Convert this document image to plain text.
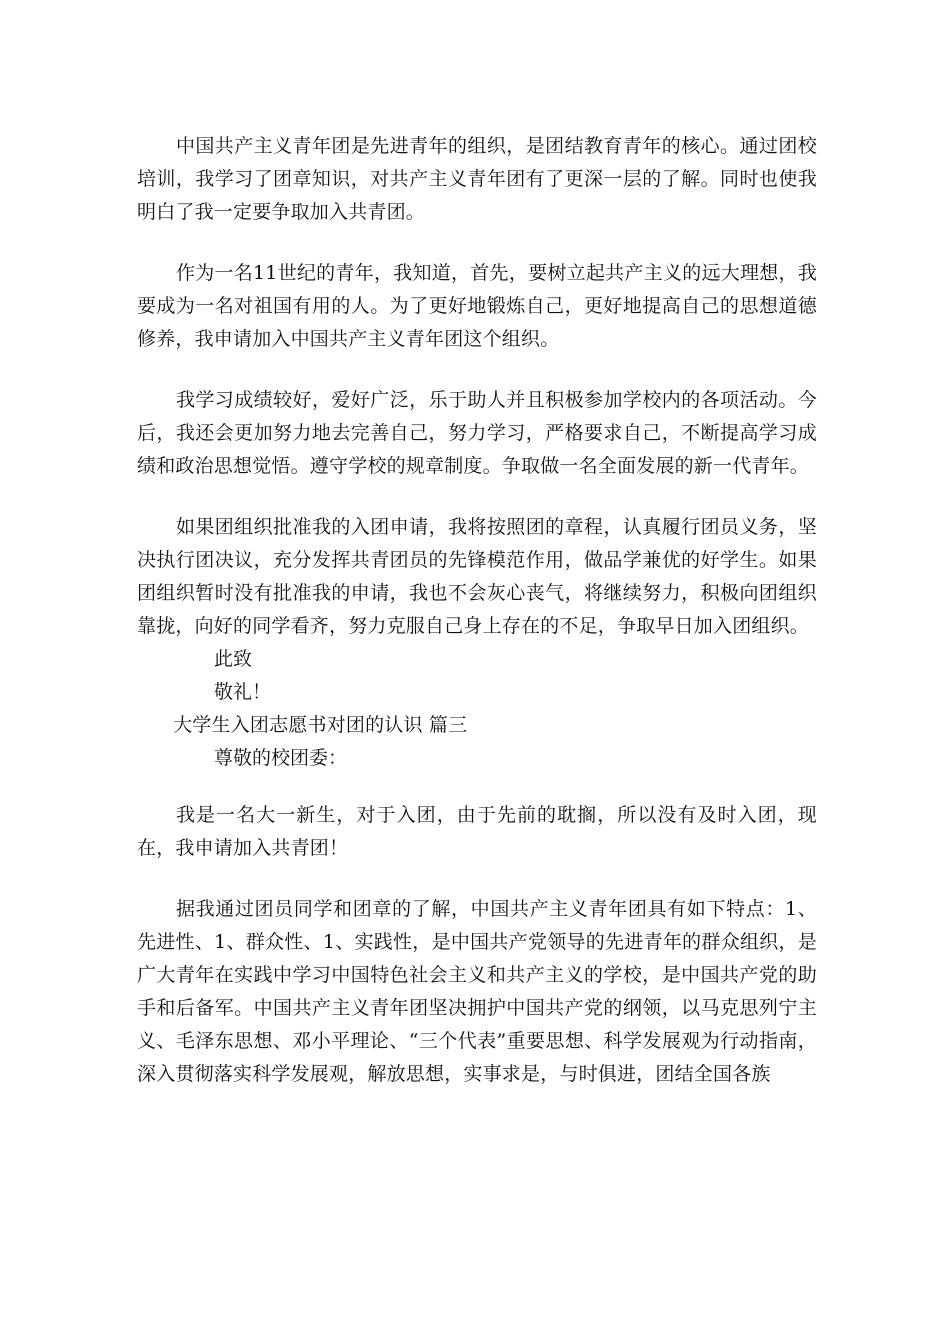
中国共产主义青年团是先进青年的组织，是团结教育青年的核心。通过团校培训，我学习了团章知识，对共产主义青年团有了更深一层的了解。同时也使我明白了我一定要争取加入共青团。

作为一名11世纪的青年，我知道，首先，要树立起共产主义的远大理想，我要成为一名对祖国有用的人。为了更好地锻炼自己，更好地提高自己的思想道德修养，我申请加入中国共产主义青年团这个组织。

我学习成绩较好，爱好广泛，乐于助人并且积极参加学校内的各项活动。今后，我还会更加努力地去完善自己，努力学习，严格要求自己，不断提高学习成绩和政治思想觉悟。遵守学校的规章制度。争取做一名全面发展的新一代青年。

如果团组织批准我的入团申请，我将按照团的章程，认真履行团员义务，坚决执行团决议，充分发挥共青团员的先锋模范作用，做品学兼优的好学生。如果团组织暂时没有批准我的申请，我也不会灰心丧气，将继续努力，积极向团组织靠拢，向好的同学看齐，努力克服自己身上存在的不足，争取早日加入团组织。

此致

敬礼！

大学生入团志愿书对团的认识 篇三

尊敬的校团委：

我是一名大一新生，对于入团，由于先前的耽搁，所以没有及时入团，现在，我申请加入共青团！

据我通过团员同学和团章的了解，中国共产主义青年团具有如下特点：1、先进性、1、群众性、1、实践性，是中国共产党领导的先进青年的群众组织，是广大青年在实践中学习中国特色社会主义和共产主义的学校，是中国共产党的助手和后备军。中国共产主义青年团坚决拥护中国共产党的纲领，以马克思列宁主义、毛泽东思想、邓小平理论、“三个代表”重要思想、科学发展观为行动指南，深入贯彻落实科学发展观，解放思想，实事求是，与时俱进，团结全国各族
